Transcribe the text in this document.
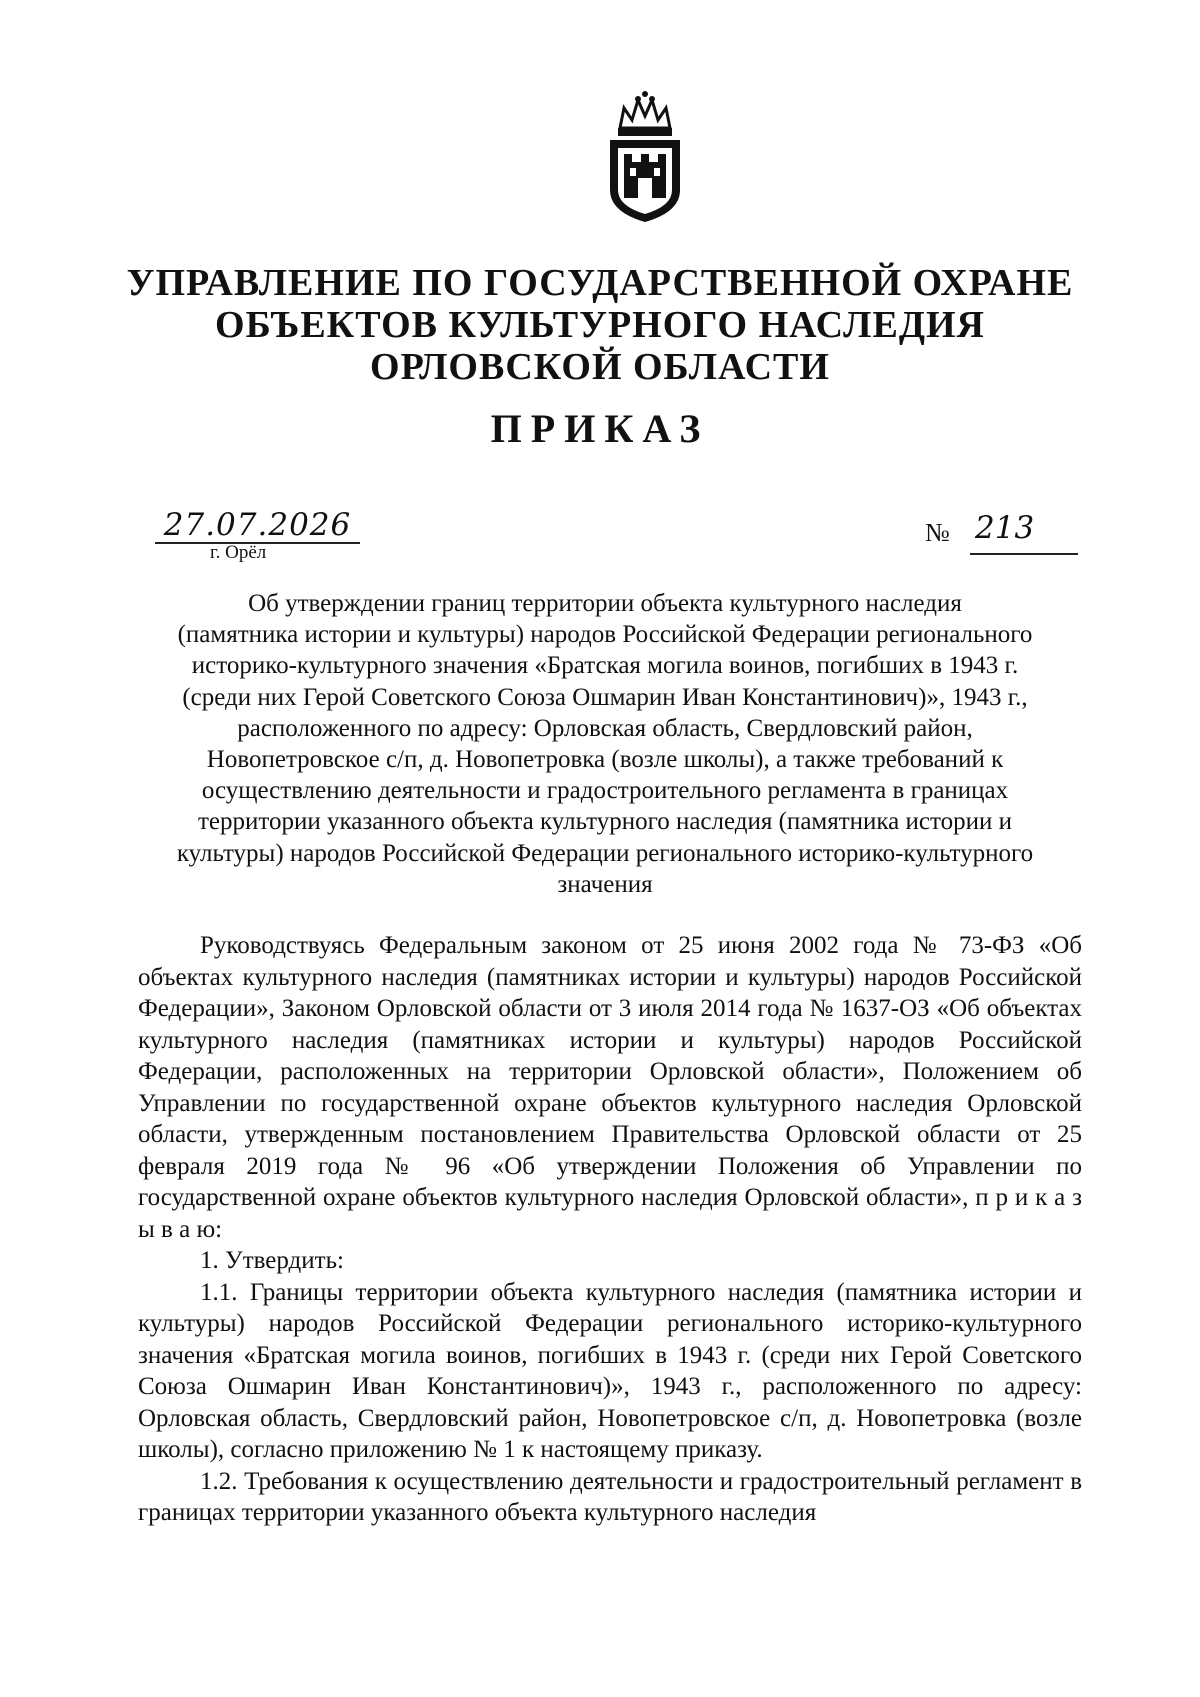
УПРАВЛЕНИЕ ПО ГОСУДАРСТВЕННОЙ ОХРАНЕ
ОБЪЕКТОВ КУЛЬТУРНОГО НАСЛЕДИЯ
ОРЛОВСКОЙ ОБЛАСТИ
ПРИКАЗ
27.07.2026
г. Орёл
№ 213
Об утверждении границ территории объекта культурного наследия
(памятника истории и культуры) народов Российской Федерации регионального
историко-культурного значения «Братская могила воинов, погибших в 1943 г.
(среди них Герой Советского Союза Ошмарин Иван Константинович)», 1943 г.,
расположенного по адресу: Орловская область, Свердловский район,
Новопетровское с/п, д. Новопетровка (возле школы), а также требований к
осуществлению деятельности и градостроительного регламента в границах
территории указанного объекта культурного наследия (памятника истории и
культуры) народов Российской Федерации регионального историко-культурного
значения

Руководствуясь Федеральным законом от 25 июня 2002 года № 73-ФЗ «Об объектах культурного наследия (памятниках истории и культуры) народов Российской Федерации», Законом Орловской области от 3 июля 2014 года № 1637-ОЗ «Об объектах культурного наследия (памятниках истории и культуры) народов Российской Федерации, расположенных на территории Орловской области», Положением об Управлении по государственной охране объектов культурного наследия Орловской области, утвержденным постановлением Правительства Орловской области от 25 февраля 2019 года № 96 «Об утверждении Положения об Управлении по государственной охране объектов культурного наследия Орловской области», п р и к а з ы в а ю:

1. Утвердить:

1.1. Границы территории объекта культурного наследия (памятника истории и культуры) народов Российской Федерации регионального историко-культурного значения «Братская могила воинов, погибших в 1943 г. (среди них Герой Советского Союза Ошмарин Иван Константинович)», 1943 г., расположенного по адресу: Орловская область, Свердловский район, Новопетровское с/п, д. Новопетровка (возле школы), согласно приложению № 1 к настоящему приказу.

1.2. Требования к осуществлению деятельности и градостроительный регламент в границах территории указанного объекта культурного наследия
